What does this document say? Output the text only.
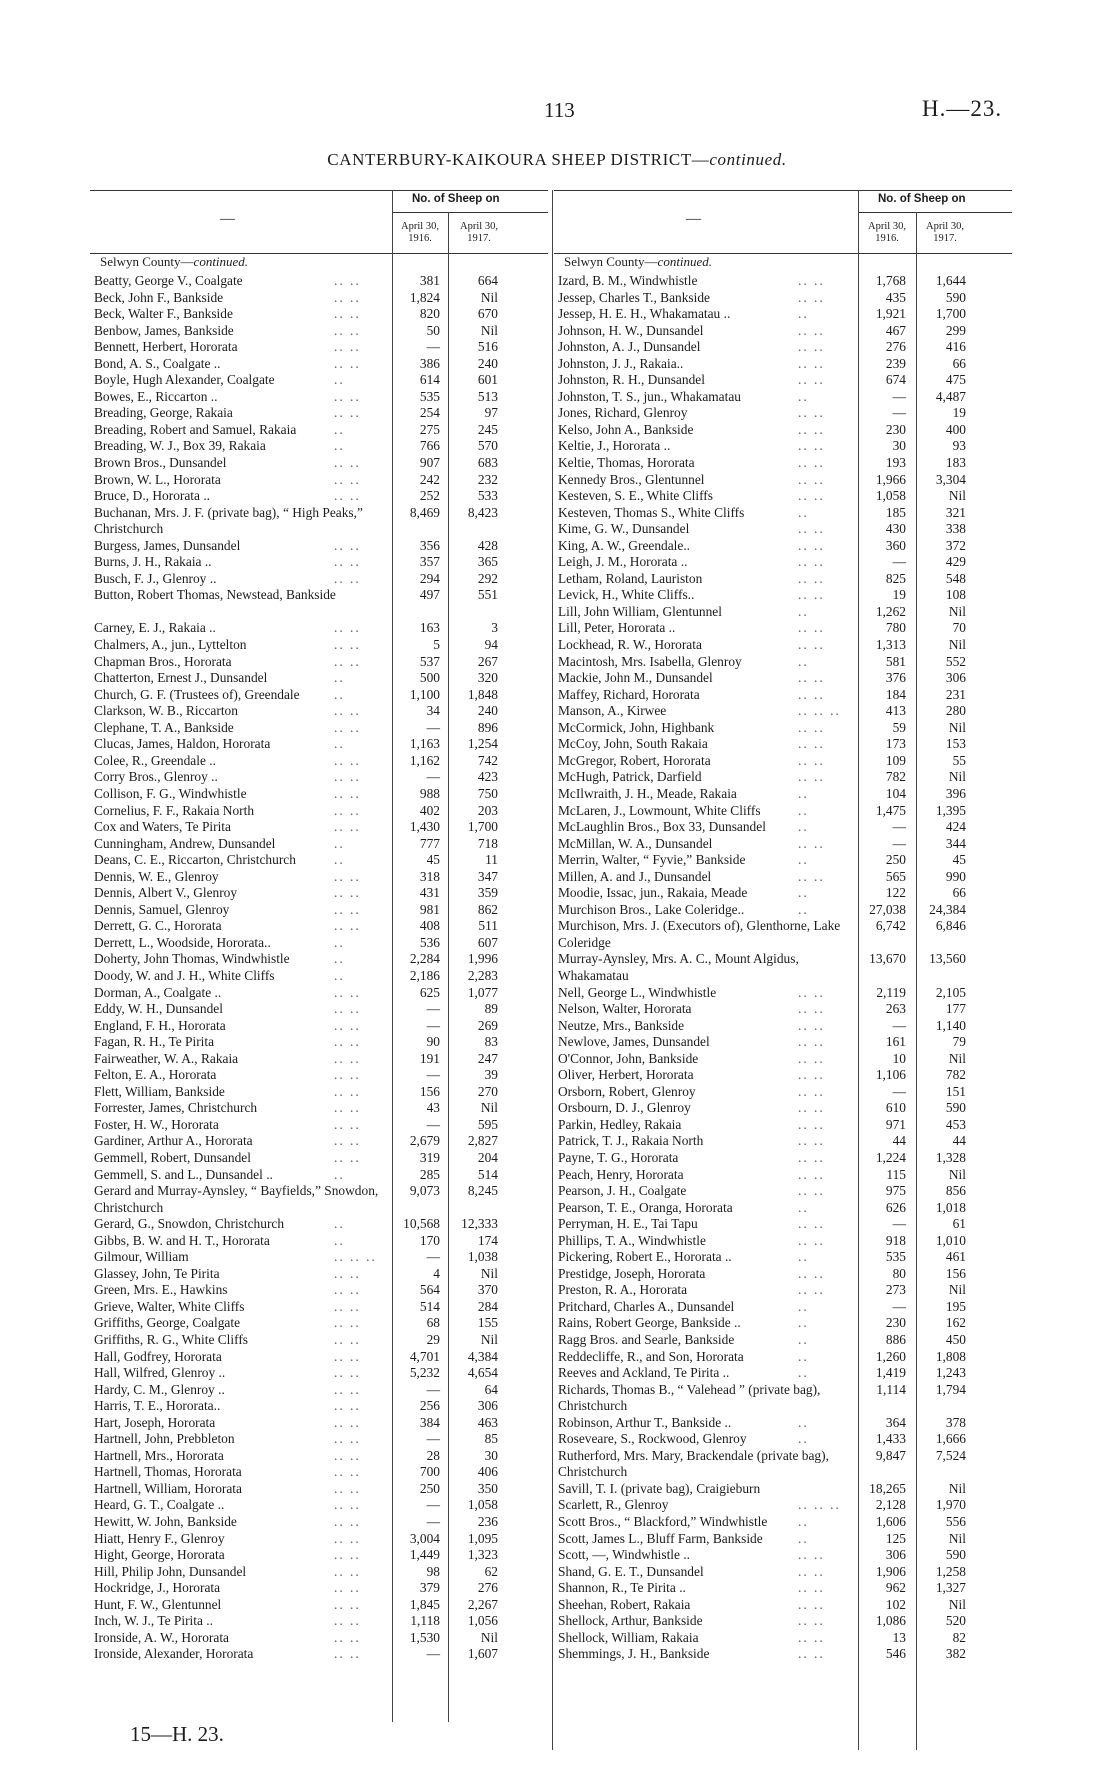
113	H.—23.
CANTERBURY-KAIKOURA SHEEP DISTRICT—continued.
—
No. of Sheep on
April 30, 1916.
April 30, 1917.
Selwyn County—continued.
Beatty, George V., Coalgate	.. ..	381	664
Beck, John F., Bankside	.. ..	1,824	Nil
Beck, Walter F., Bankside	.. ..	820	670
Benbow, James, Bankside	.. ..	50	Nil
Bennett, Herbert, Hororata	.. ..	—	516
Bond, A. S., Coalgate ..	.. ..	386	240
Boyle, Hugh Alexander, Coalgate	..	614	601
Bowes, E., Riccarton ..	.. ..	535	513
Breading, George, Rakaia	.. ..	254	97
Breading, Robert and Samuel, Rakaia	..	275	245
Breading, W. J., Box 39, Rakaia	..	766	570
Brown Bros., Dunsandel	.. ..	907	683
Brown, W. L., Hororata	.. ..	242	232
Bruce, D., Hororata ..	.. ..	252	533
Buchanan, Mrs. J. F. (private bag), “ High Peaks,” Christchurch
8,469	8,423
Burgess, James, Dunsandel	.. ..	356	428
Burns, J. H., Rakaia ..	.. ..	357	365
Busch, F. J., Glenroy ..	.. ..	294	292
Button, Robert Thomas, Newstead, Bankside	497	551
Carney, E. J., Rakaia ..	.. ..	163	3
Chalmers, A., jun., Lyttelton	.. ..	5	94
Chapman Bros., Hororata	.. ..	537	267
Chatterton, Ernest J., Dunsandel	..	500	320
Church, G. F. (Trustees of), Greendale	..	1,100	1,848
Clarkson, W. B., Riccarton	.. ..	34	240
Clephane, T. A., Bankside	.. ..	—	896
Clucas, James, Haldon, Hororata	..	1,163	1,254
Colee, R., Greendale ..	.. ..	1,162	742
Corry Bros., Glenroy ..	.. ..	—	423
Collison, F. G., Windwhistle	.. ..	988	750
Cornelius, F. F., Rakaia North	.. ..	402	203
Cox and Waters, Te Pirita	.. ..	1,430	1,700
Cunningham, Andrew, Dunsandel	..	777	718
Deans, C. E., Riccarton, Christchurch	..	45	11
Dennis, W. E., Glenroy	.. ..	318	347
Dennis, Albert V., Glenroy	.. ..	431	359
Dennis, Samuel, Glenroy	.. ..	981	862
Derrett, G. C., Hororata	.. ..	408	511
Derrett, L., Woodside, Hororata..	..	536	607
Doherty, John Thomas, Windwhistle	..	2,284	1,996
Doody, W. and J. H., White Cliffs	..	2,186	2,283
Dorman, A., Coalgate ..	.. ..	625	1,077
Eddy, W. H., Dunsandel	.. ..	—	89
England, F. H., Hororata	.. ..	—	269
Fagan, R. H., Te Pirita	.. ..	90	83
Fairweather, W. A., Rakaia	.. ..	191	247
Felton, E. A., Hororata	.. ..	—	39
Flett, William, Bankside	.. ..	156	270
Forrester, James, Christchurch	.. ..	43	Nil
Foster, H. W., Hororata	.. ..	—	595
Gardiner, Arthur A., Hororata	.. ..	2,679	2,827
Gemmell, Robert, Dunsandel	.. ..	319	204
Gemmell, S. and L., Dunsandel ..	..	285	514
Gerard and Murray-Aynsley, “ Bayfields,” Snowdon, Christchurch
9,073	8,245
Gerard, G., Snowdon, Christchurch	..	10,568	12,333
Gibbs, B. W. and H. T., Hororata	..	170	174
Gilmour, William	.. .. ..	—	1,038
Glassey, John, Te Pirita	.. ..	4	Nil
Green, Mrs. E., Hawkins	.. ..	564	370
Grieve, Walter, White Cliffs	.. ..	514	284
Griffiths, George, Coalgate	.. ..	68	155
Griffiths, R. G., White Cliffs	.. ..	29	Nil
Hall, Godfrey, Hororata	.. ..	4,701	4,384
Hall, Wilfred, Glenroy ..	.. ..	5,232	4,654
Hardy, C. M., Glenroy ..	.. ..	—	64
Harris, T. E., Hororata..	.. ..	256	306
Hart, Joseph, Hororata	.. ..	384	463
Hartnell, John, Prebbleton	.. ..	—	85
Hartnell, Mrs., Hororata	.. ..	28	30
Hartnell, Thomas, Hororata	.. ..	700	406
Hartnell, William, Hororata	.. ..	250	350
Heard, G. T., Coalgate ..	.. ..	—	1,058
Hewitt, W. John, Bankside	.. ..	—	236
Hiatt, Henry F., Glenroy	.. ..	3,004	1,095
Hight, George, Hororata	.. ..	1,449	1,323
Hill, Philip John, Dunsandel	.. ..	98	62
Hockridge, J., Hororata	.. ..	379	276
Hunt, F. W., Glentunnel	.. ..	1,845	2,267
Inch, W. J., Te Pirita ..	.. ..	1,118	1,056
Ironside, A. W., Hororata	.. ..	1,530	Nil
Ironside, Alexander, Hororata	.. ..	—	1,607
—
No. of Sheep on
April 30, 1916.
April 30, 1917.
Selwyn County—continued.
Izard, B. M., Windwhistle	.. ..	1,768	1,644
Jessep, Charles T., Bankside	.. ..	435	590
Jessep, H. E. H., Whakamatau ..	..	1,921	1,700
Johnson, H. W., Dunsandel	.. ..	467	299
Johnston, A. J., Dunsandel	.. ..	276	416
Johnston, J. J., Rakaia..	.. ..	239	66
Johnston, R. H., Dunsandel	.. ..	674	475
Johnston, T. S., jun., Whakamatau	..	—	4,487
Jones, Richard, Glenroy	.. ..	—	19
Kelso, John A., Bankside	.. ..	230	400
Keltie, J., Hororata ..	.. ..	30	93
Keltie, Thomas, Hororata	.. ..	193	183
Kennedy Bros., Glentunnel	.. ..	1,966	3,304
Kesteven, S. E., White Cliffs	.. ..	1,058	Nil
Kesteven, Thomas S., White Cliffs	..	185	321
Kime, G. W., Dunsandel	.. ..	430	338
King, A. W., Greendale..	.. ..	360	372
Leigh, J. M., Hororata ..	.. ..	—	429
Letham, Roland, Lauriston	.. ..	825	548
Levick, H., White Cliffs..	.. ..	19	108
Lill, John William, Glentunnel	..	1,262	Nil
Lill, Peter, Hororata ..	.. ..	780	70
Lockhead, R. W., Hororata	.. ..	1,313	Nil
Macintosh, Mrs. Isabella, Glenroy	..	581	552
Mackie, John M., Dunsandel	.. ..	376	306
Maffey, Richard, Hororata	.. ..	184	231
Manson, A., Kirwee	.. .. ..	413	280
McCormick, John, Highbank	.. ..	59	Nil
McCoy, John, South Rakaia	.. ..	173	153
McGregor, Robert, Hororata	.. ..	109	55
McHugh, Patrick, Darfield	.. ..	782	Nil
McIlwraith, J. H., Meade, Rakaia	..	104	396
McLaren, J., Lowmount, White Cliffs	..	1,475	1,395
McLaughlin Bros., Box 33, Dunsandel	..	—	424
McMillan, W. A., Dunsandel	.. ..	—	344
Merrin, Walter, “ Fyvie,” Bankside	..	250	45
Millen, A. and J., Dunsandel	.. ..	565	990
Moodie, Issac, jun., Rakaia, Meade	..	122	66
Murchison Bros., Lake Coleridge..	..	27,038	24,384
Murchison, Mrs. J. (Executors of), Glenthorne, Lake Coleridge
6,742	6,846
Murray-Aynsley, Mrs. A. C., Mount Algidus, Whakamatau
13,670	13,560
Nell, George L., Windwhistle	.. ..	2,119	2,105
Nelson, Walter, Hororata	.. ..	263	177
Neutze, Mrs., Bankside	.. ..	—	1,140
Newlove, James, Dunsandel	.. ..	161	79
O'Connor, John, Bankside	.. ..	10	Nil
Oliver, Herbert, Hororata	.. ..	1,106	782
Orsborn, Robert, Glenroy	.. ..	—	151
Orsbourn, D. J., Glenroy	.. ..	610	590
Parkin, Hedley, Rakaia	.. ..	971	453
Patrick, T. J., Rakaia North	.. ..	44	44
Payne, T. G., Hororata	.. ..	1,224	1,328
Peach, Henry, Hororata	.. ..	115	Nil
Pearson, J. H., Coalgate	.. ..	975	856
Pearson, T. E., Oranga, Hororata	..	626	1,018
Perryman, H. E., Tai Tapu	.. ..	—	61
Phillips, T. A., Windwhistle	.. ..	918	1,010
Pickering, Robert E., Hororata ..	..	535	461
Prestidge, Joseph, Hororata	.. ..	80	156
Preston, R. A., Hororata	.. ..	273	Nil
Pritchard, Charles A., Dunsandel	..	—	195
Rains, Robert George, Bankside ..	..	230	162
Ragg Bros. and Searle, Bankside	..	886	450
Reddecliffe, R., and Son, Hororata	..	1,260	1,808
Reeves and Ackland, Te Pirita ..	..	1,419	1,243
Richards, Thomas B., “ Valehead ” (private bag), Christchurch
1,114	1,794
Robinson, Arthur T., Bankside ..	..	364	378
Roseveare, S., Rockwood, Glenroy	..	1,433	1,666
Rutherford, Mrs. Mary, Brackendale (private bag), Christchurch
9,847	7,524
Savill, T. I. (private bag), Craigieburn	18,265	Nil
Scarlett, R., Glenroy	.. .. ..	2,128	1,970
Scott Bros., “ Blackford,” Windwhistle	..	1,606	556
Scott, James L., Bluff Farm, Bankside	..	125	Nil
Scott, —, Windwhistle ..	.. ..	306	590
Shand, G. E. T., Dunsandel	.. ..	1,906	1,258
Shannon, R., Te Pirita ..	.. ..	962	1,327
Sheehan, Robert, Rakaia	.. ..	102	Nil
Shellock, Arthur, Bankside	.. ..	1,086	520
Shellock, William, Rakaia	.. ..	13	82
Shemmings, J. H., Bankside	.. ..	546	382
15—H. 23.
